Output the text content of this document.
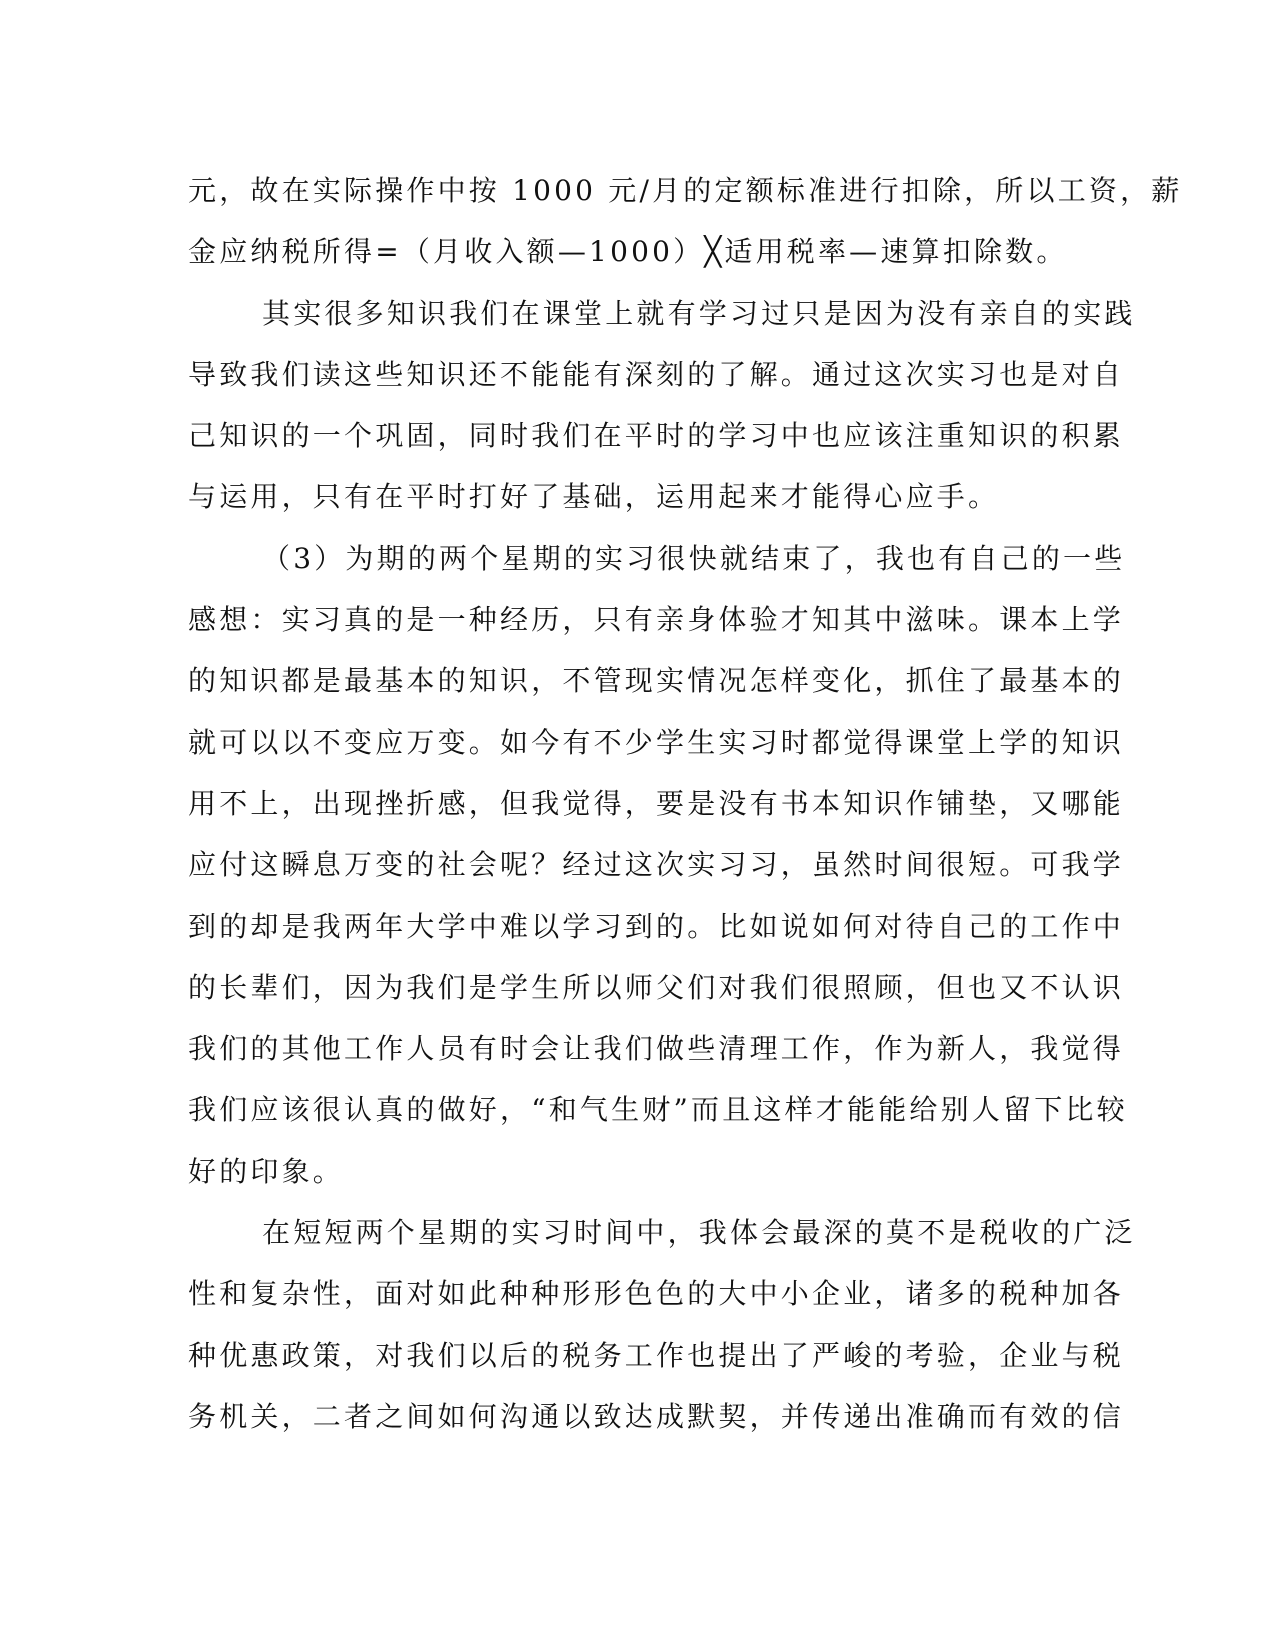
元，故在实际操作中按 1000 元/月的定额标准进行扣除，所以工资，薪
金应纳税所得=（月收入额—1000）╳适用税率—速算扣除数。
其实很多知识我们在课堂上就有学习过只是因为没有亲自的实践
导致我们读这些知识还不能能有深刻的了解。通过这次实习也是对自
己知识的一个巩固，同时我们在平时的学习中也应该注重知识的积累
与运用，只有在平时打好了基础，运用起来才能得心应手。
（3）为期的两个星期的实习很快就结束了，我也有自己的一些
感想：实习真的是一种经历，只有亲身体验才知其中滋味。课本上学
的知识都是最基本的知识，不管现实情况怎样变化，抓住了最基本的
就可以以不变应万变。如今有不少学生实习时都觉得课堂上学的知识
用不上，出现挫折感，但我觉得，要是没有书本知识作铺垫，又哪能
应付这瞬息万变的社会呢？经过这次实习习，虽然时间很短。可我学
到的却是我两年大学中难以学习到的。比如说如何对待自己的工作中
的长辈们，因为我们是学生所以师父们对我们很照顾，但也又不认识
我们的其他工作人员有时会让我们做些清理工作，作为新人，我觉得
我们应该很认真的做好，“和气生财”而且这样才能能给别人留下比较
好的印象。
在短短两个星期的实习时间中，我体会最深的莫不是税收的广泛
性和复杂性，面对如此种种形形色色的大中小企业，诸多的税种加各
种优惠政策，对我们以后的税务工作也提出了严峻的考验，企业与税
务机关，二者之间如何沟通以致达成默契，并传递出准确而有效的信
